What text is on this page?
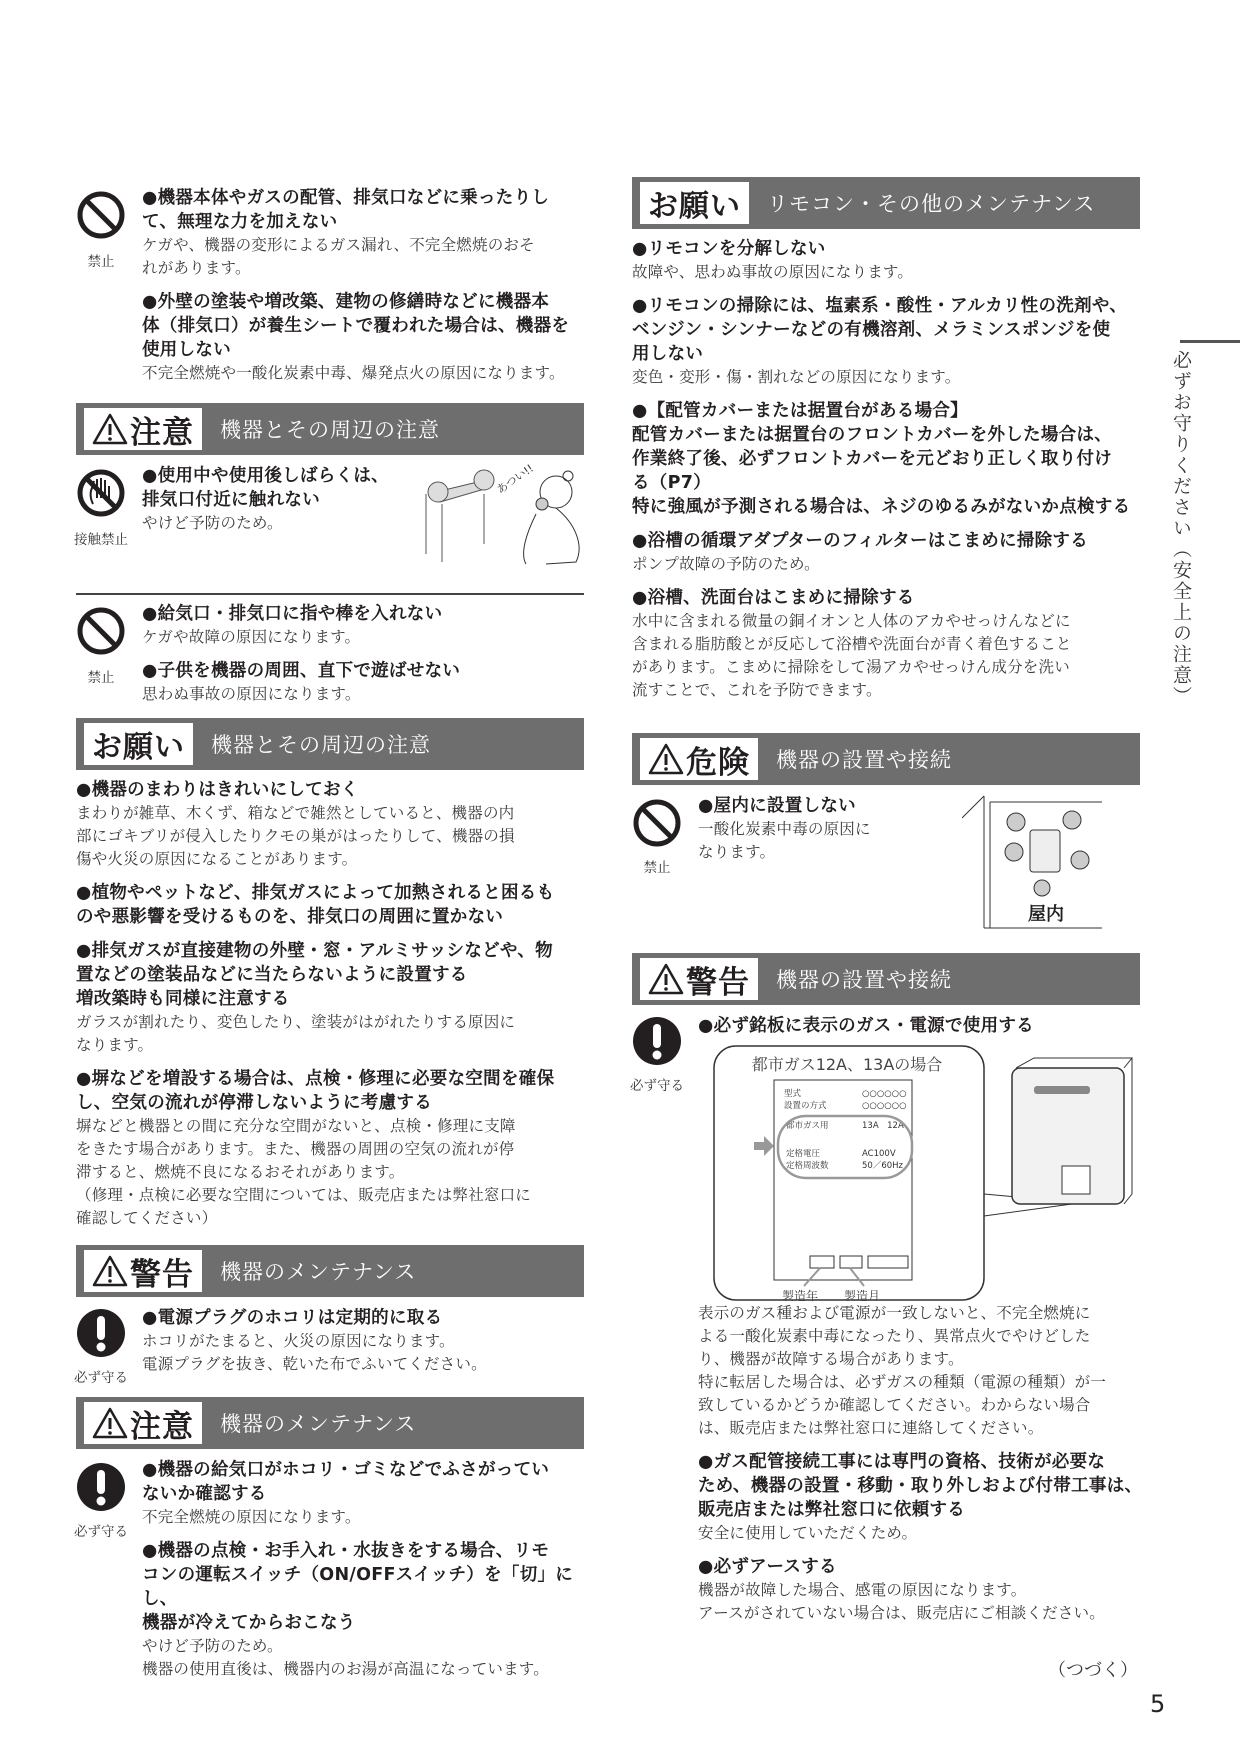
禁止
●機器本体やガスの配管、排気口などに乗ったりし
て、無理な力を加えない
ケガや、機器の変形によるガス漏れ、不完全燃焼のおそ
れがあります。
●外壁の塗装や増改築、建物の修繕時などに機器本
体（排気口）が養生シートで覆われた場合は、機器を
使用しない
不完全燃焼や一酸化炭素中毒、爆発点火の原因になります。
注意 機器とその周辺の注意
接触禁止
●使用中や使用後しばらくは、
排気口付近に触れない
やけど予防のため。
あつい!!
禁止
●給気口・排気口に指や棒を入れない
ケガや故障の原因になります。
●子供を機器の周囲、直下で遊ばせない
思わぬ事故の原因になります。
お願い 機器とその周辺の注意
●機器のまわりはきれいにしておく
まわりが雑草、木くず、箱などで雑然としていると、機器の内
部にゴキブリが侵入したりクモの巣がはったりして、機器の損
傷や火災の原因になることがあります。
●植物やペットなど、排気ガスによって加熱されると困るも
のや悪影響を受けるものを、排気口の周囲に置かない
●排気ガスが直接建物の外壁・窓・アルミサッシなどや、物
置などの塗装品などに当たらないように設置する
増改築時も同様に注意する
ガラスが割れたり、変色したり、塗装がはがれたりする原因に
なります。
●塀などを増設する場合は、点検・修理に必要な空間を確保
し、空気の流れが停滞しないように考慮する
塀などと機器との間に充分な空間がないと、点検・修理に支障
をきたす場合があります。また、機器の周囲の空気の流れが停
滞すると、燃焼不良になるおそれがあります。
（修理・点検に必要な空間については、販売店または弊社窓口に
確認してください）
警告 機器のメンテナンス
必ず守る
●電源プラグのホコリは定期的に取る
ホコリがたまると、火災の原因になります。
電源プラグを抜き、乾いた布でふいてください。
注意 機器のメンテナンス
必ず守る
●機器の給気口がホコリ・ゴミなどでふさがってい
ないか確認する
不完全燃焼の原因になります。
●機器の点検・お手入れ・水抜きをする場合、リモ
コンの運転スイッチ（ON/OFFスイッチ）を「切」にし、
機器が冷えてからおこなう
やけど予防のため。
機器の使用直後は、機器内のお湯が高温になっています。
お願い リモコン・その他のメンテナンス
●リモコンを分解しない
故障や、思わぬ事故の原因になります。
●リモコンの掃除には、塩素系・酸性・アルカリ性の洗剤や、
ベンジン・シンナーなどの有機溶剤、メラミンスポンジを使
用しない
変色・変形・傷・割れなどの原因になります。
●【配管カバーまたは据置台がある場合】
配管カバーまたは据置台のフロントカバーを外した場合は、
作業終了後、必ずフロントカバーを元どおり正しく取り付け
る（P7）
特に強風が予測される場合は、ネジのゆるみがないか点検する
●浴槽の循環アダプターのフィルターはこまめに掃除する
ポンプ故障の予防のため。
●浴槽、洗面台はこまめに掃除する
水中に含まれる微量の銅イオンと人体のアカやせっけんなどに
含まれる脂肪酸とが反応して浴槽や洗面台が青く着色すること
があります。こまめに掃除をして湯アカやせっけん成分を洗い
流すことで、これを予防できます。
危険 機器の設置や接続
禁止
●屋内に設置しない
一酸化炭素中毒の原因に
なります。
屋内
警告 機器の設置や接続
必ず守る
●必ず銘板に表示のガス・電源で使用する
都市ガス12A、13Aの場合
型式	○○○○○○
設置の方式	○○○○○○
都市ガス用	13A　12A
定格電圧	AC100V
定格周波数	50／60Hz
製造年 製造月
表示のガス種および電源が一致しないと、不完全燃焼に
よる一酸化炭素中毒になったり、異常点火でやけどした
り、機器が故障する場合があります。
特に転居した場合は、必ずガスの種類（電源の種類）が一
致しているかどうか確認してください。わからない場合
は、販売店または弊社窓口に連絡してください。
●ガス配管接続工事には専門の資格、技術が必要な
ため、機器の設置・移動・取り外しおよび付帯工事は、
販売店または弊社窓口に依頼する
安全に使用していただくため。
●必ずアースする
機器が故障した場合、感電の原因になります。
アースがされていない場合は、販売店にご相談ください。
（つづく）
5
必ずお守りください（安全上の注意）
